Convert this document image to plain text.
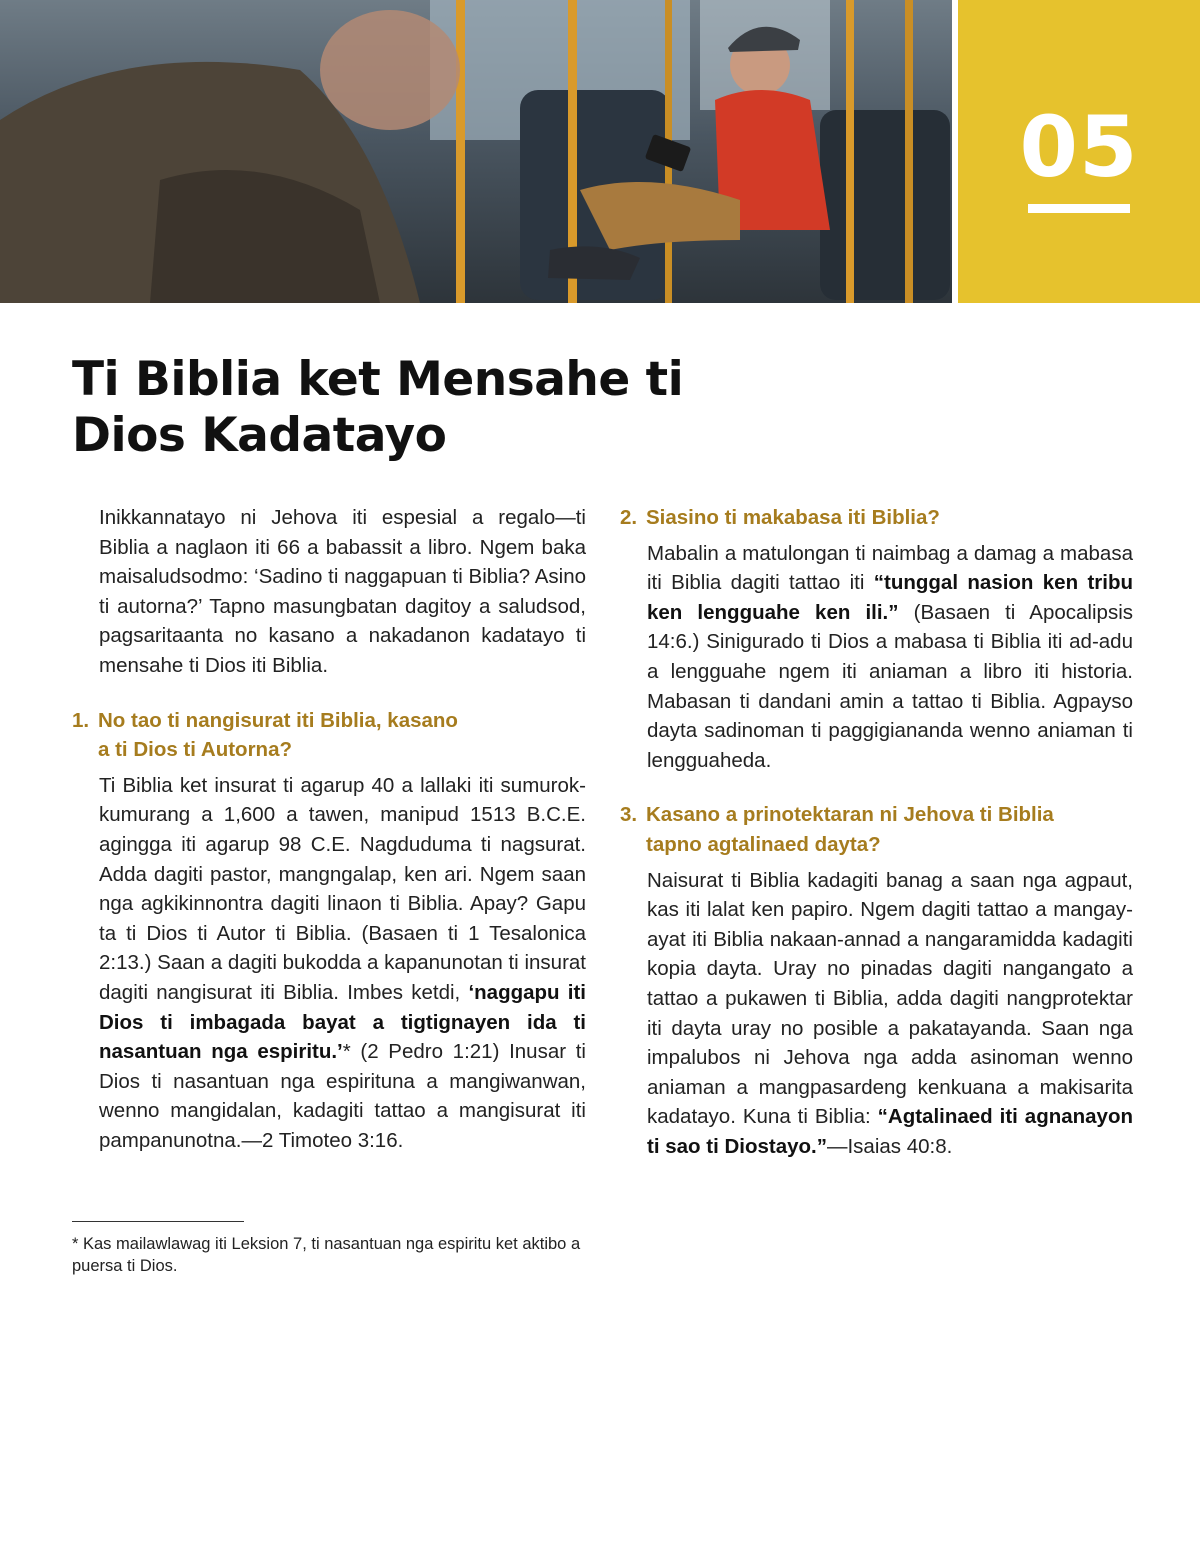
05
Ti Biblia ket Mensahe ti
Dios Kadatayo

Inikkannatayo ni Jehova iti espesial a regalo—ti Biblia a naglaon iti 66 a babassit a libro. Ngem baka maisaludsodmo: ‘Sadino ti naggapuan ti Biblia? Asino ti autorna?’ Tapno masungbatan dagitoy a saludsod, pagsaritaanta no kasano a nakadanon kadatayo ti mensahe ti Dios iti Biblia.

1. No tao ti nangisurat iti Biblia, kasano
a ti Dios ti Autorna?

Ti Biblia ket insurat ti agarup 40 a lallaki iti sumurok-kumurang a 1,600 a tawen, manipud 1513 B.C.E. agingga iti agarup 98 C.E. Nagduduma ti nagsurat. Adda dagiti pastor, mangngalap, ken ari. Ngem saan nga agkikinnontra dagiti linaon ti Biblia. Apay? Gapu ta ti Dios ti Autor ti Biblia. (Basaen ti 1 Tesalonica 2:13.) Saan a dagiti bukodda a kapanunotan ti insurat dagiti nangisurat iti Biblia. Imbes ketdi, ‘naggapu iti Dios ti imbagada bayat a tigtignayen ida ti nasantuan nga espiritu.’* (2 Pedro 1:21) Inusar ti Dios ti nasantuan nga espirituna a mangiwanwan, wenno mangidalan, kadagiti tattao a mangisurat iti pampanunotna.—2 Timoteo 3:16.

2. Siasino ti makabasa iti Biblia?

Mabalin a matulongan ti naimbag a damag a mabasa iti Biblia dagiti tattao iti “tunggal nasion ken tribu ken lengguahe ken ili.” (Basaen ti Apocalipsis 14:6.) Sinigurado ti Dios a mabasa ti Biblia iti ad-adu a lengguahe ngem iti aniaman a libro iti historia. Mabasan ti dandani amin a tattao ti Biblia. Agpayso dayta sadinoman ti paggigiananda wenno aniaman ti lengguaheda.

3. Kasano a prinotektaran ni Jehova ti Biblia
tapno agtalinaed dayta?

Naisurat ti Biblia kadagiti banag a saan nga agpaut, kas iti lalat ken papiro. Ngem dagiti tattao a mangay-ayat iti Biblia nakaan-annad a nangaramidda kadagiti kopia dayta. Uray no pinadas dagiti nangangato a tattao a pukawen ti Biblia, adda dagiti nangprotektar iti dayta uray no posible a pakatayanda. Saan nga impalubos ni Jehova nga adda asinoman wenno aniaman a mangpasardeng kenkuana a makisarita kadatayo. Kuna ti Biblia: “Agtalinaed iti agnanayon ti sao ti Diostayo.”—Isaias 40:8.

* Kas mailawlawag iti Leksion 7, ti nasantuan nga espiritu ket aktibo a puersa ti Dios.
